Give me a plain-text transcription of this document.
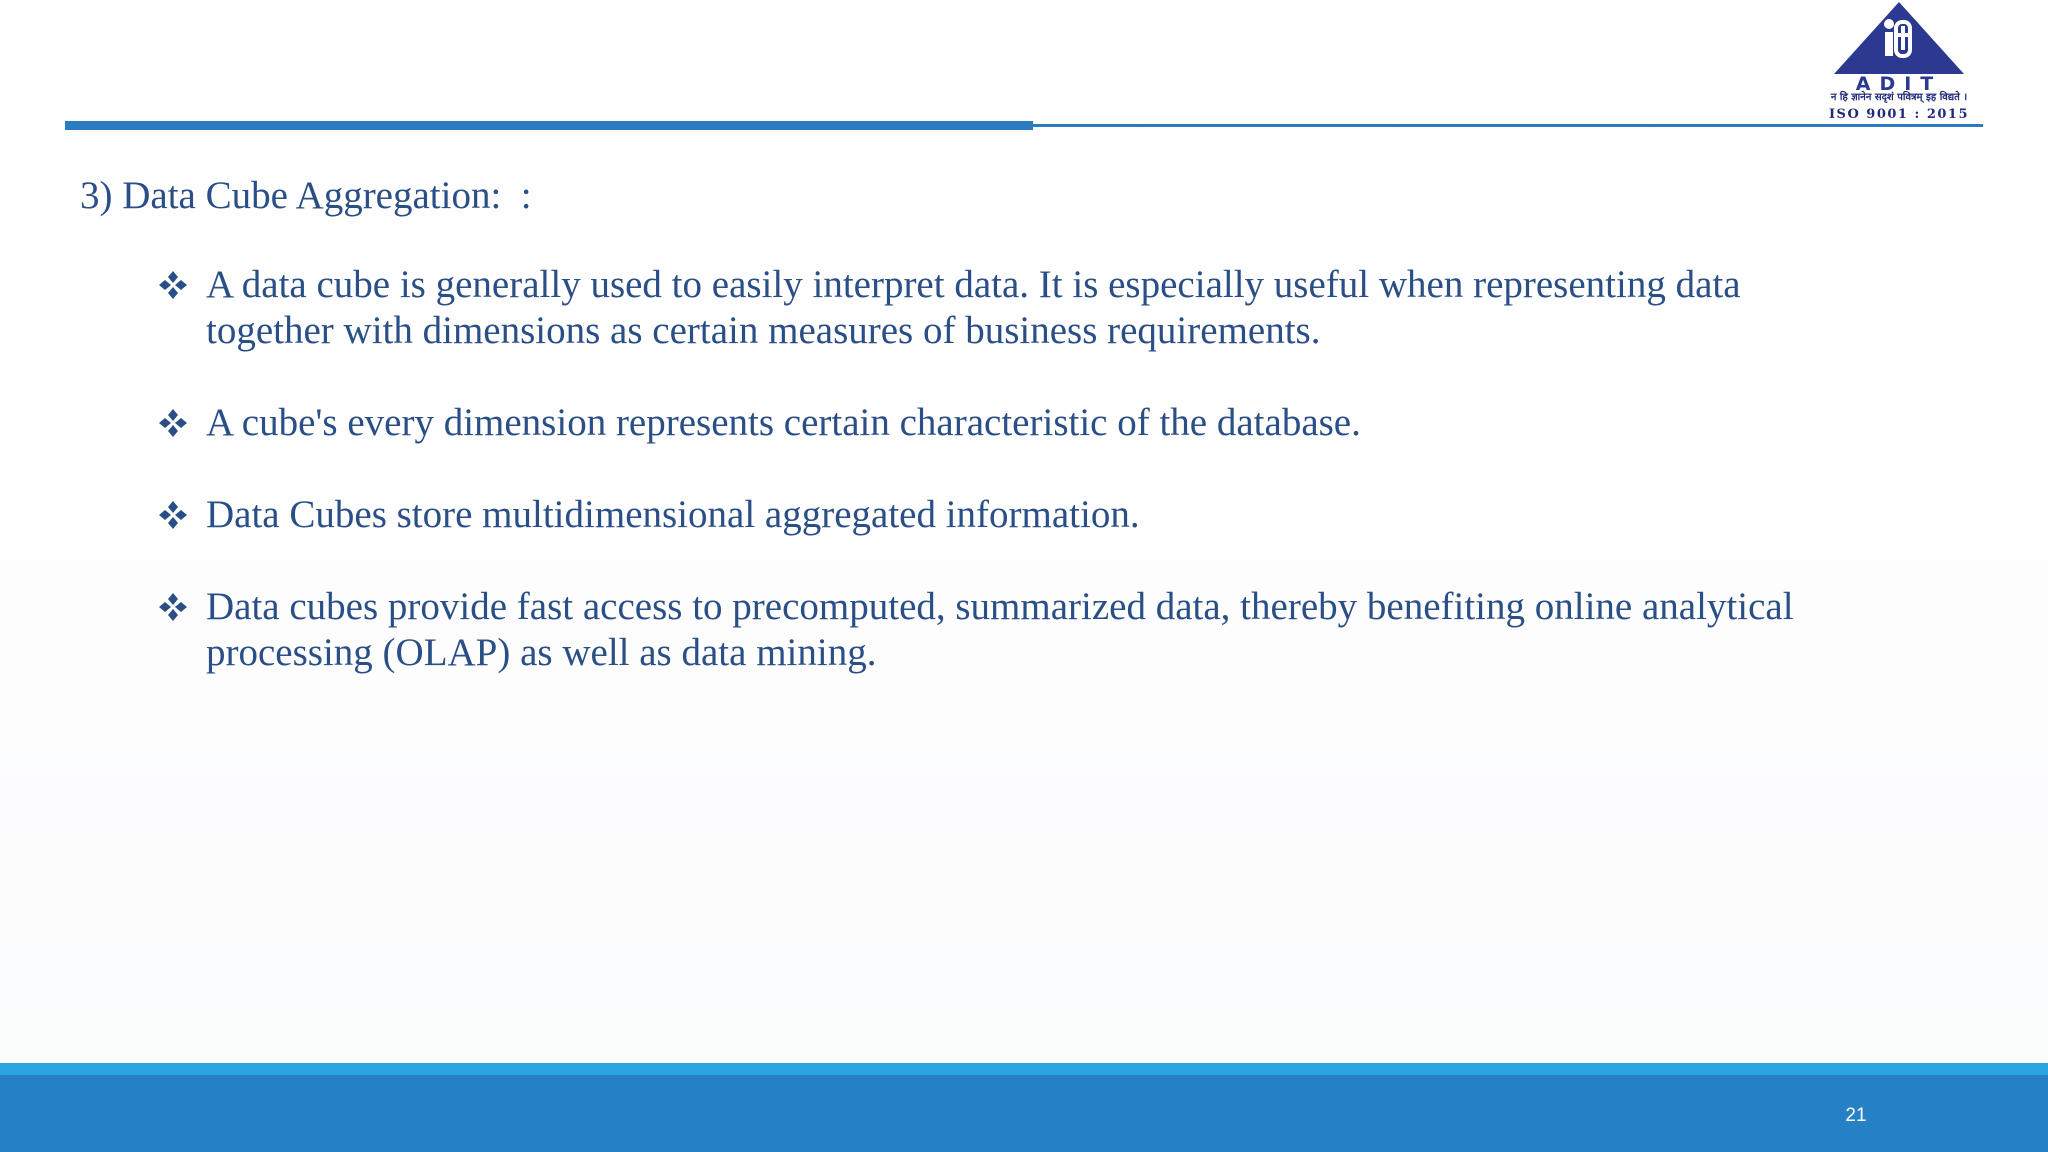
ADIT
न हि ज्ञानेन सदृशं पवित्रम् इह विद्यते ।
ISO 9001 : 2015
3) Data Cube Aggregation:  :
A data cube is generally used to easily interpret data. It is especially useful when representing data together with dimensions as certain measures of business requirements.
A cube's every dimension represents certain characteristic of the database.
Data Cubes store multidimensional aggregated information.
Data cubes provide fast access to precomputed, summarized data, thereby benefiting online analytical processing (OLAP) as well as data mining.
21
